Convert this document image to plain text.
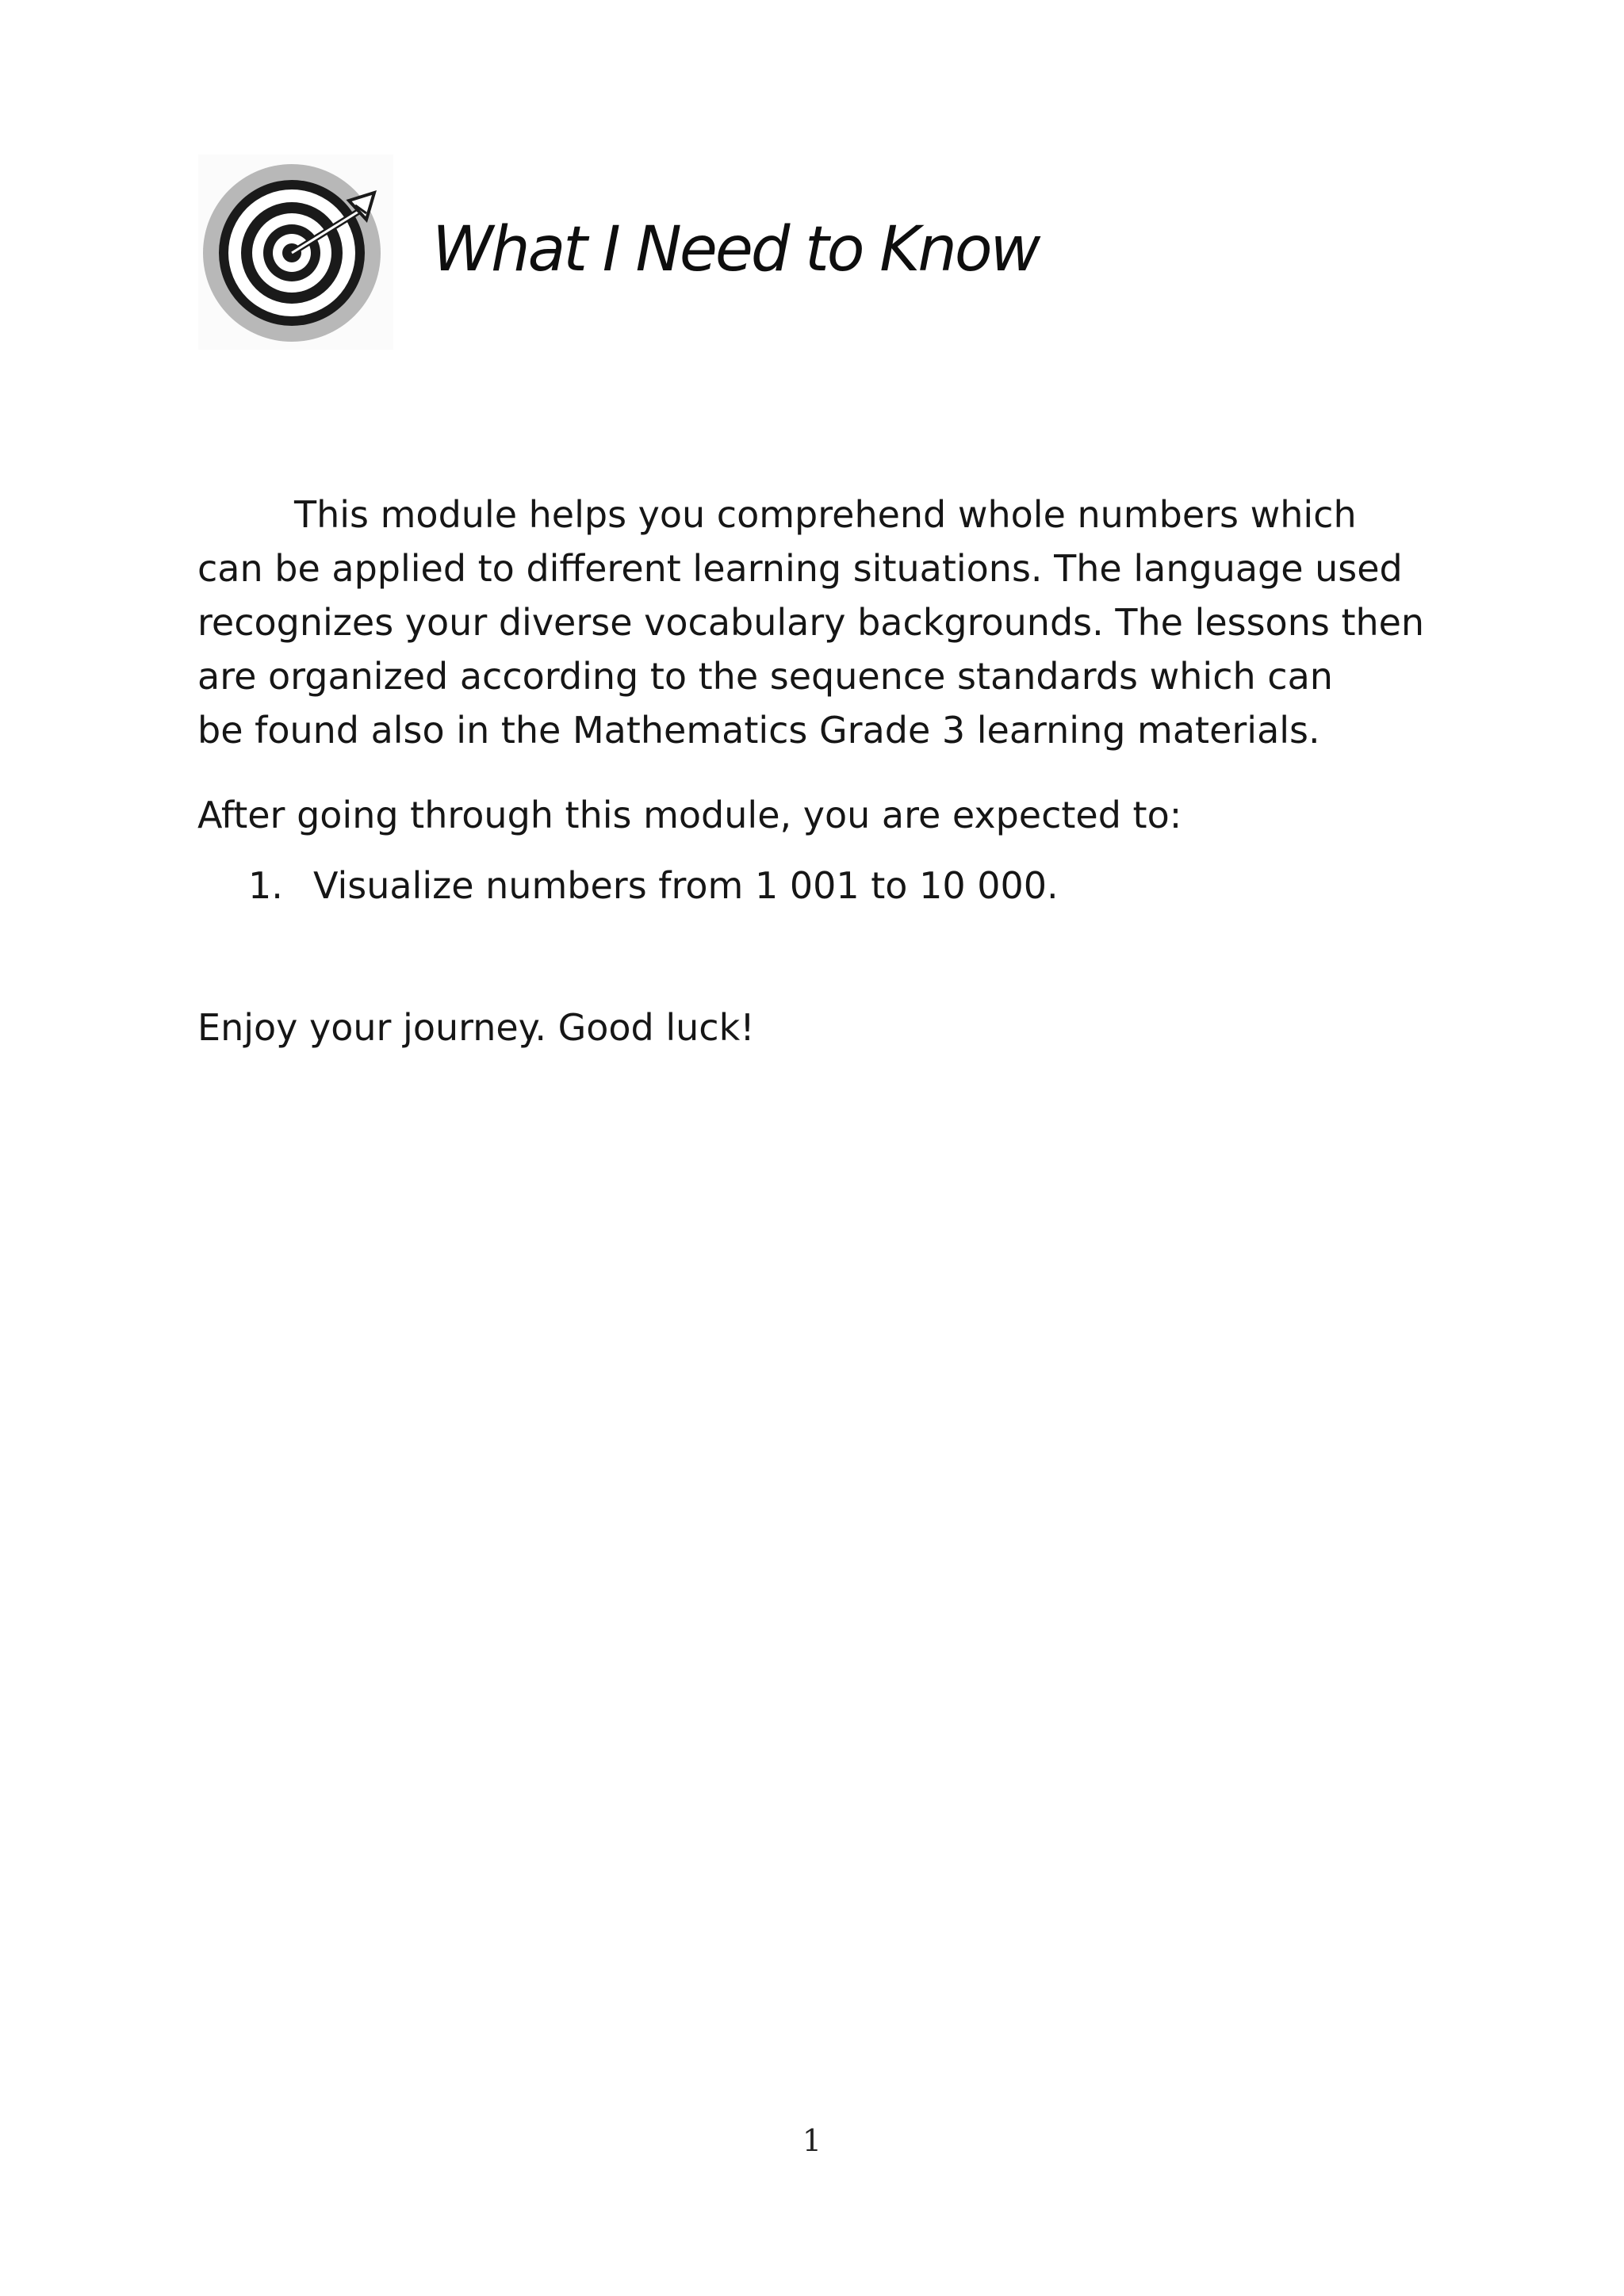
What I Need to Know
This module helps you comprehend whole numbers which
can be applied to different learning situations. The language used
recognizes your diverse vocabulary backgrounds. The lessons then
are organized according to the sequence standards which can
be found also in the Mathematics Grade 3 learning materials.
After going through this module, you are expected to:
1. Visualize numbers from 1 001 to 10 000.
Enjoy your journey. Good luck!
1
